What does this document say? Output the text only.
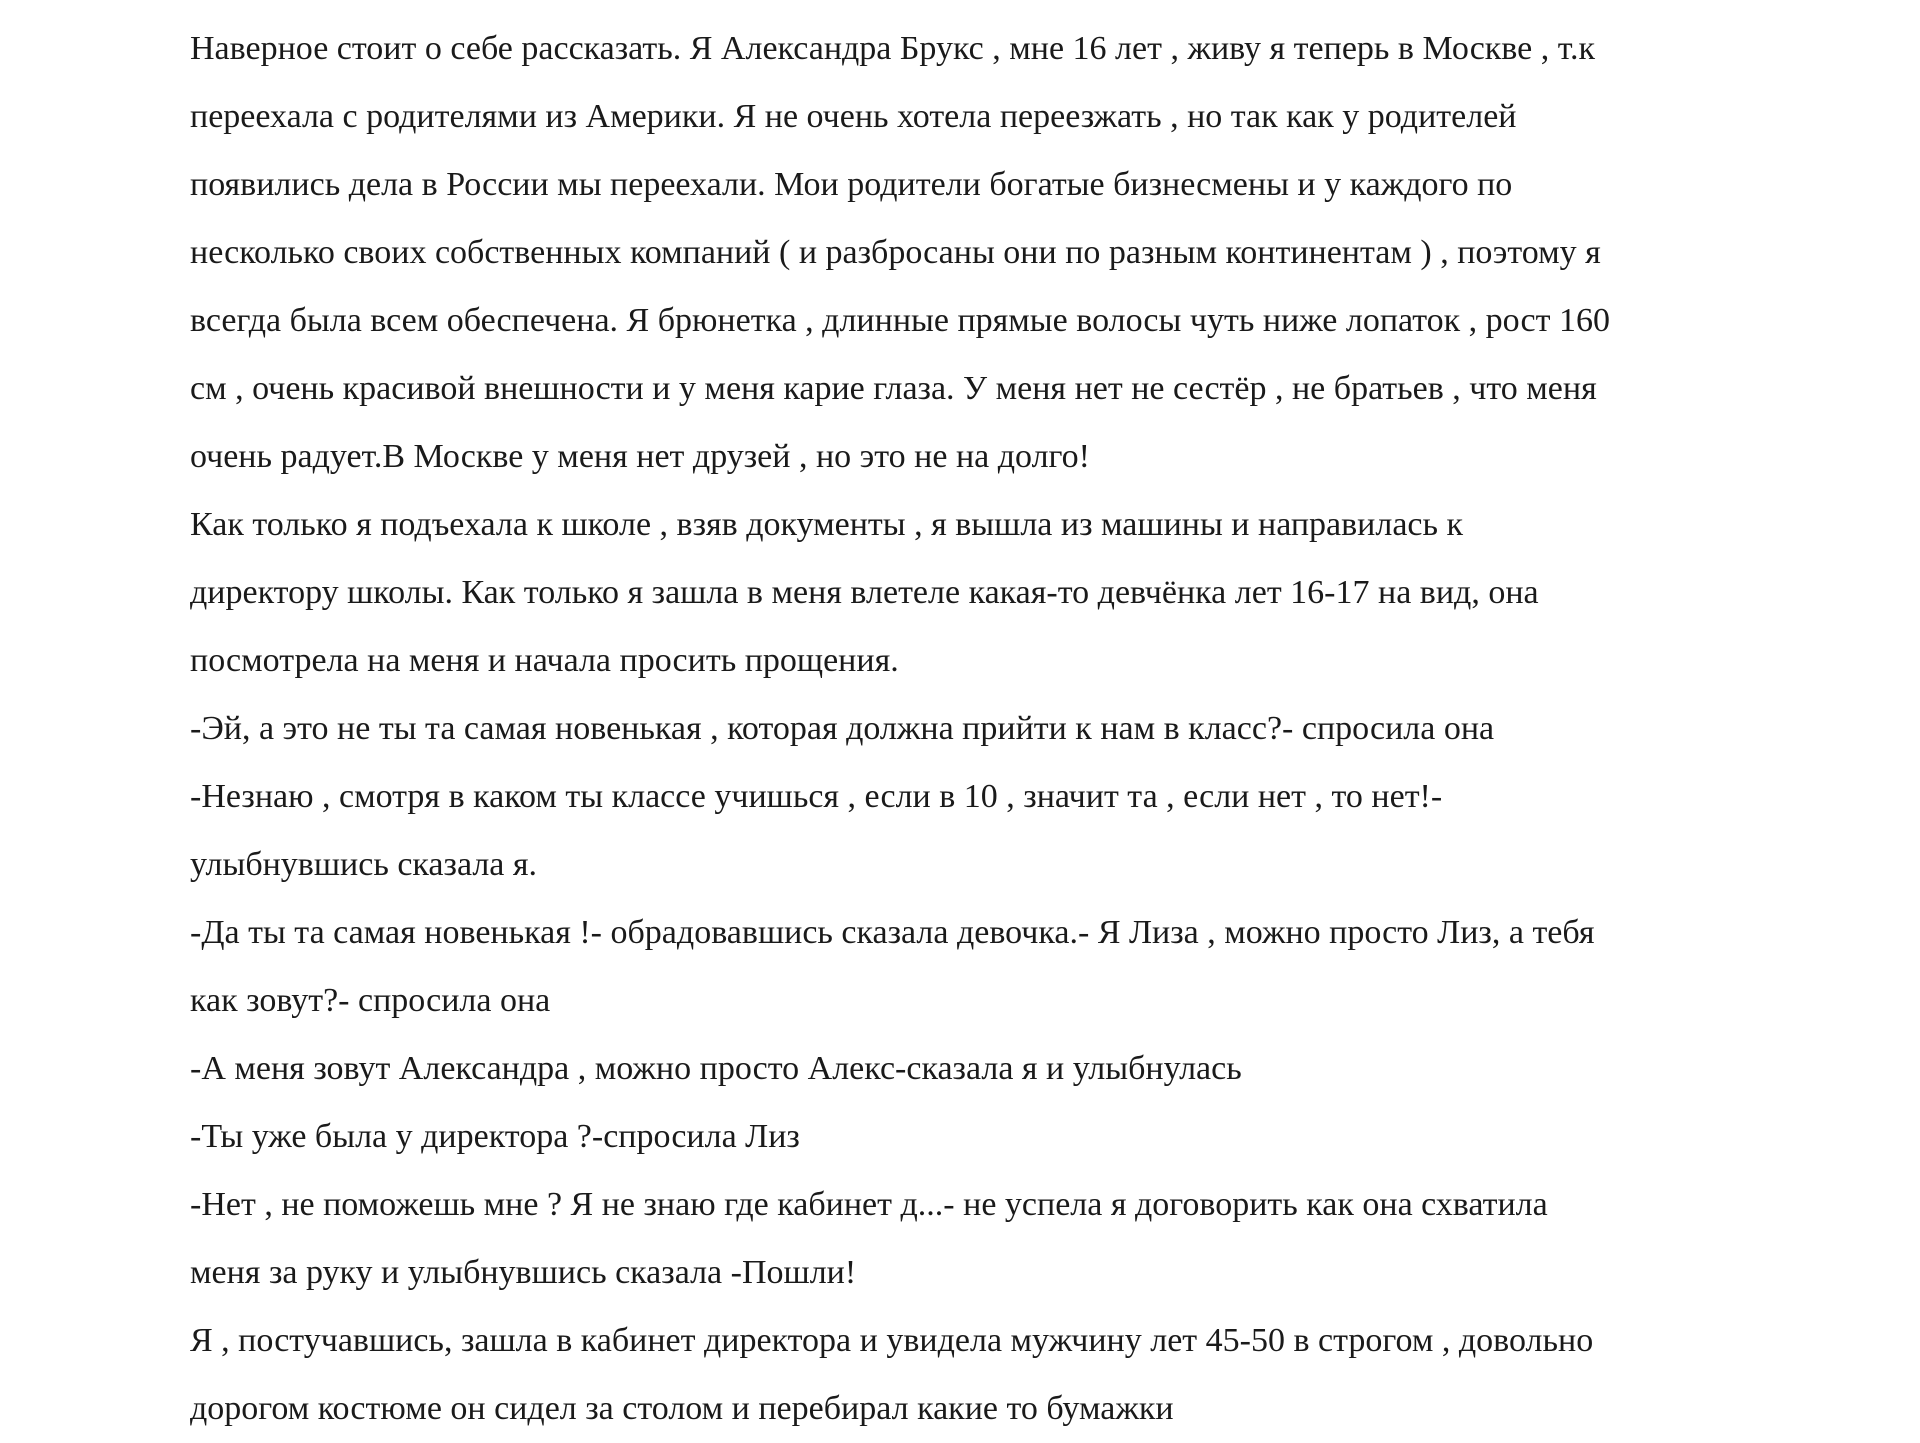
Наверное стоит о себе рассказать. Я Александра Брукс , мне 16 лет , живу я теперь в Москве , т.к
переехала с родителями из Америки. Я не очень хотела переезжать , но так как у родителей
появились дела в России мы переехали. Мои родители богатые бизнесмены и у каждого по
несколько своих собственных компаний ( и разбросаны они по разным континентам ) , поэтому я
всегда была всем обеспечена. Я брюнетка , длинные прямые волосы чуть ниже лопаток , рост 160
см , очень красивой внешности и у меня карие глаза. У меня нет не сестёр , не братьев , что меня
очень радует.В Москве у меня нет друзей , но это не на долго!

Как только я подъехала к школе , взяв документы , я вышла из машины и направилась к
директору школы. Как только я зашла в меня влетеле какая-то девчёнка лет 16-17 на вид, она
посмотрела на меня и начала просить прощения.

-Эй, а это не ты та самая новенькая , которая должна прийти к нам в класс?- спросила она

-Незнаю , смотря в каком ты классе учишься , если в 10 , значит та , если нет , то нет!-
улыбнувшись сказала я.

-Да ты та самая новенькая !- обрадовавшись сказала девочка.- Я Лиза , можно просто Лиз, а тебя
как зовут?- спросила она

-А меня зовут Александра , можно просто Алекс-сказала я и улыбнулась

-Ты уже была у директора ?-спросила Лиз

-Нет , не поможешь мне ? Я не знаю где кабинет д...- не успела я договорить как она схватила
меня за руку и улыбнувшись сказала -Пошли!

Я , постучавшись, зашла в кабинет директора и увидела мужчину лет 45-50 в строгом , довольно
дорогом костюме он сидел за столом и перебирал какие то бумажки
